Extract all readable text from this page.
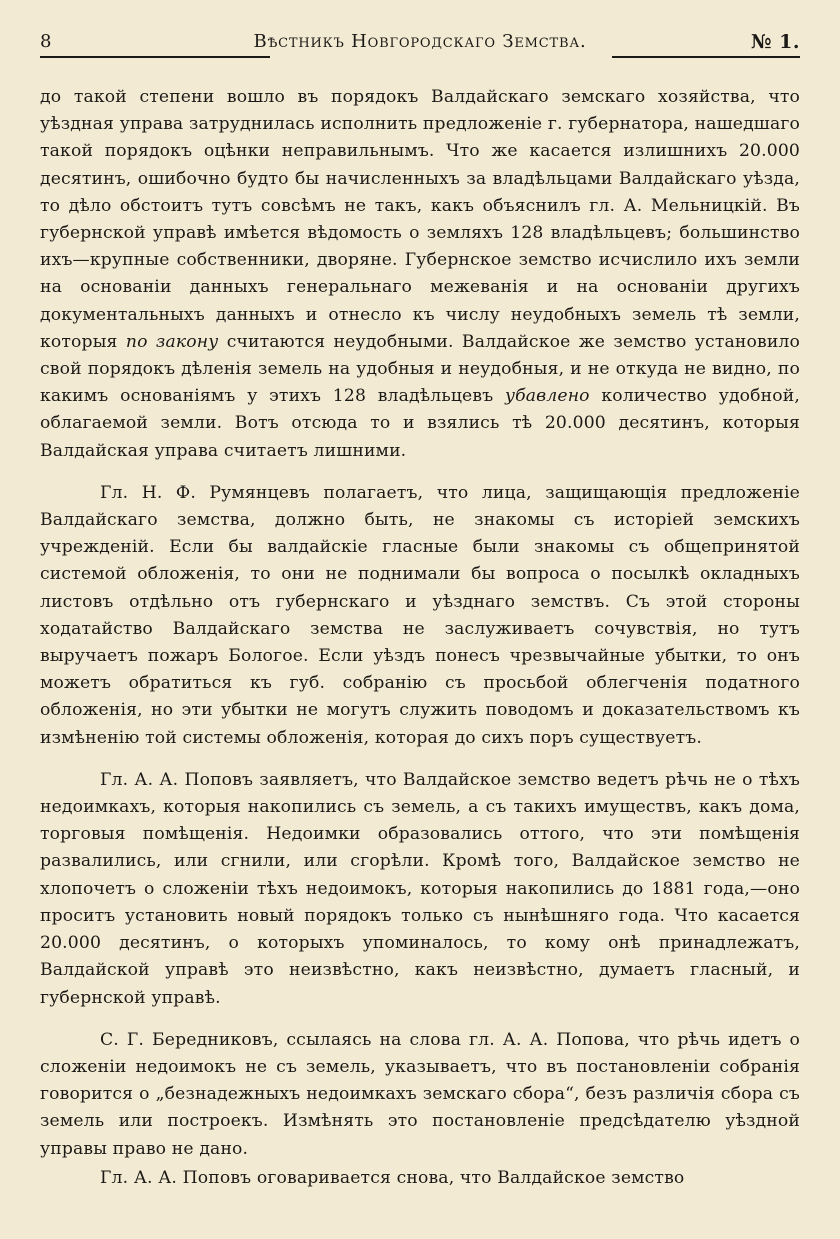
8	Вѣстникъ Новгородскаго Земства.	№ 1.

до такой степени вошло въ порядокъ Валдайскаго земскаго хозяйства, что уѣздная управа затруднилась исполнить предложеніе г. губернатора, нашедшаго такой порядокъ оцѣнки неправильнымъ. Что же касается излишнихъ 20.000 десятинъ, ошибочно будто бы начисленныхъ за владѣльцами Валдайскаго уѣзда, то дѣло обстоитъ тутъ совсѣмъ не такъ, какъ объяснилъ гл. А. Мельницкій. Въ губернской управѣ имѣется вѣдомость о земляхъ 128 владѣльцевъ; большинство ихъ—крупные собственники, дворяне. Губернское земство исчислило ихъ земли на основаніи данныхъ генеральнаго межеванія и на основаніи другихъ документальныхъ данныхъ и отнесло къ числу неудобныхъ земель тѣ земли, которыя по закону считаются неудобными. Валдайское же земство установило свой порядокъ дѣленія земель на удобныя и неудобныя, и не откуда не видно, по какимъ основаніямъ у этихъ 128 владѣльцевъ убавлено количество удобной, облагаемой земли. Вотъ отсюда то и взялись тѣ 20.000 десятинъ, которыя Валдайская управа считаетъ лишними.

Гл. Н. Ф. Румянцевъ полагаетъ, что лица, защищающія предложеніе Валдайскаго земства, должно быть, не знакомы съ исторіей земскихъ учрежденій. Если бы валдайскіе гласные были знакомы съ общепринятой системой обложенія, то они не поднимали бы вопроса о посылкѣ окладныхъ листовъ отдѣльно отъ губернскаго и уѣзднаго земствъ. Съ этой стороны ходатайство Валдайскаго земства не заслуживаетъ сочувствія, но тутъ выручаетъ пожаръ Бологое. Если уѣздъ понесъ чрезвычайные убытки, то онъ можетъ обратиться къ губ. собранію съ просьбой облегченія податного обложенія, но эти убытки не могутъ служить поводомъ и доказательствомъ къ измѣненію той системы обложенія, которая до сихъ поръ существуетъ.

Гл. А. А. Поповъ заявляетъ, что Валдайское земство ведетъ рѣчь не о тѣхъ недоимкахъ, которыя накопились съ земель, а съ такихъ имуществъ, какъ дома, торговыя помѣщенія. Недоимки образовались оттого, что эти помѣщенія развалились, или сгнили, или сгорѣли. Кромѣ того, Валдайское земство не хлопочетъ о сложеніи тѣхъ недоимокъ, которыя накопились до 1881 года,—оно проситъ установить новый порядокъ только съ нынѣшняго года. Что касается 20.000 десятинъ, о которыхъ упоминалось, то кому онѣ принадлежатъ, Валдайской управѣ это неизвѣстно, какъ неизвѣстно, думаетъ гласный, и губернской управѣ.

С. Г. Бередниковъ, ссылаясь на слова гл. А. А. Попова, что рѣчь идетъ о сложеніи недоимокъ не съ земель, указываетъ, что въ постановленіи собранія говорится о „безнадежныхъ недоимкахъ земскаго сбора“, безъ различія сбора съ земель или построекъ. Измѣнять это постановленіе предсѣдателю уѣздной управы право не дано.

Гл. А. А. Поповъ оговаривается снова, что Валдайское земство
